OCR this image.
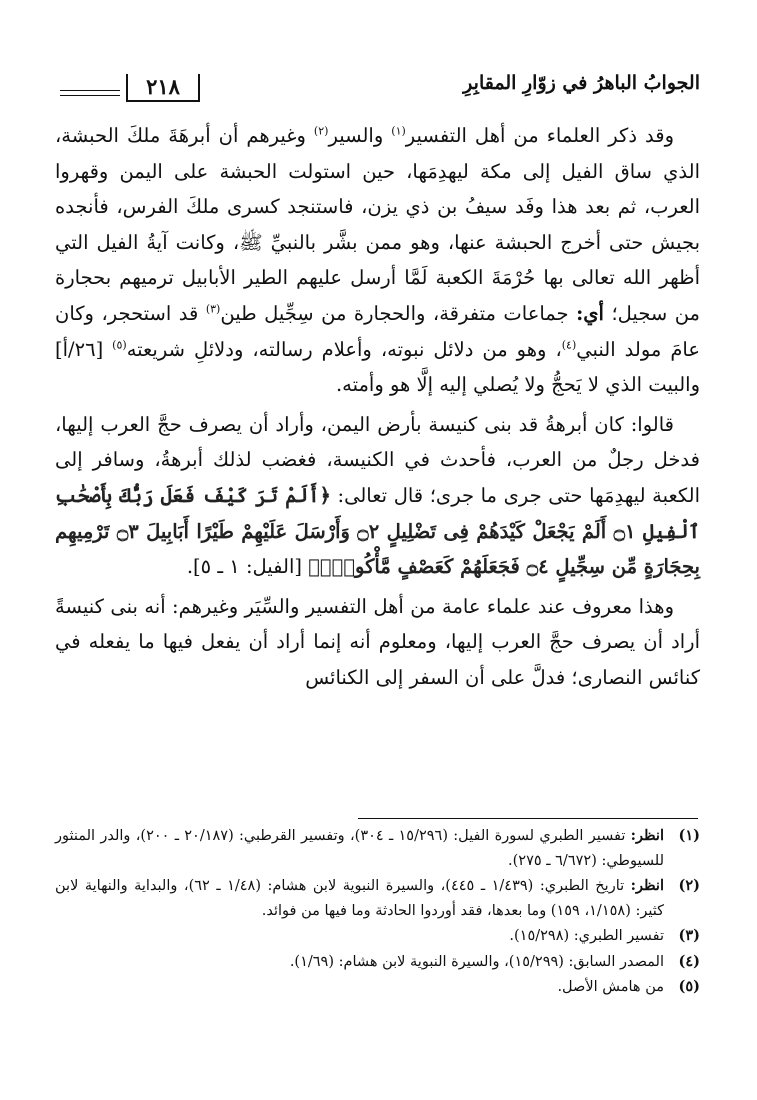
الجوابُ الباهرُ في زوّارِ المقابِرِ
٢١٨

وقد ذكر العلماء من أهل التفسير$^{(١)}$ والسير$^{(٢)}$ وغيرهم أن أبرهَةَ ملكَ الحبشة، الذي ساق الفيل إلى مكة ليهدِمَها، حين استولت الحبشة على اليمن وقهروا العرب، ثم بعد هذا وفَد سيفُ بن ذي يزن، فاستنجد كسرى ملكَ الفرس، فأنجده بجيش حتى أخرج الحبشة عنها، وهو ممن بشَّر بالنبيِّ ﷺ، وكانت آيةُ الفيل التي أظهر الله تعالى بها حُرْمَةَ الكعبة لَمَّا أرسل عليهم الطير الأبابيل ترميهم بحجارة من سجيل؛ أي: جماعات متفرقة، والحجارة من سِجِّيل طين$^{(٣)}$ قد استحجر، وكان عامَ مولد النبي$^{(٤)}$، وهو من دلائل نبوته، وأعلام رسالته، ودلائلِ شريعته$^{(٥)}$ [٢٦/أ] والبيت الذي لا يَحجُّ ولا يُصلي إليه إلَّا هو وأمته.

قالوا: كان أبرهةُ قد بنى كنيسة بأرض اليمن، وأراد أن يصرف حجَّ العرب إليها، فدخل رجلٌ من العرب، فأحدث في الكنيسة، فغضب لذلك أبرهةُ، وسافر إلى الكعبة ليهدِمَها حتى جرى ما جرى؛ قال تعالى: ﴿أَلَمْ تَرَ كَيْفَ فَعَلَ رَبُّكَ بِأَصْحَٰبِ ٱلْفِيلِ ۝١ أَلَمْ يَجْعَلْ كَيْدَهُمْ فِى تَضْلِيلٍ ۝٢ وَأَرْسَلَ عَلَيْهِمْ طَيْرًا أَبَابِيلَ ۝٣ تَرْمِيهِم بِحِجَارَةٍ مِّن سِجِّيلٍ ۝٤ فَجَعَلَهُمْ كَعَصْفٍ مَّأْكُولٍۭ﴾ [الفيل: ١ ـ ٥].

وهذا معروف عند علماء عامة من أهل التفسير والسِّيَر وغيرهم: أنه بنى كنيسةً أراد أن يصرف حجَّ العرب إليها، ومعلوم أنه إنما أراد أن يفعل فيها ما يفعله في كنائس النصارى؛ فدلَّ على أن السفر إلى الكنائس

(١)
انظر: تفسير الطبري لسورة الفيل: (١٥/٢٩٦ ـ ٣٠٤)، وتفسير القرطبي: (٢٠/١٨٧ ـ ٢٠٠)، والدر المنثور للسيوطي: (٦/٦٧٢ ـ ٢٧٥).

(٢)
انظر: تاريخ الطبري: (١/٤٣٩ ـ ٤٤٥)، والسيرة النبوية لابن هشام: (١/٤٨ ـ ٦٢)، والبداية والنهاية لابن كثير: (١/١٥٨، ١٥٩) وما بعدها، فقد أوردوا الحادثة وما فيها من فوائد.

(٣)
تفسير الطبري: (١٥/٢٩٨).

(٤)
المصدر السابق: (١٥/٢٩٩)، والسيرة النبوية لابن هشام: (١/٦٩).

(٥)
من هامش الأصل.
